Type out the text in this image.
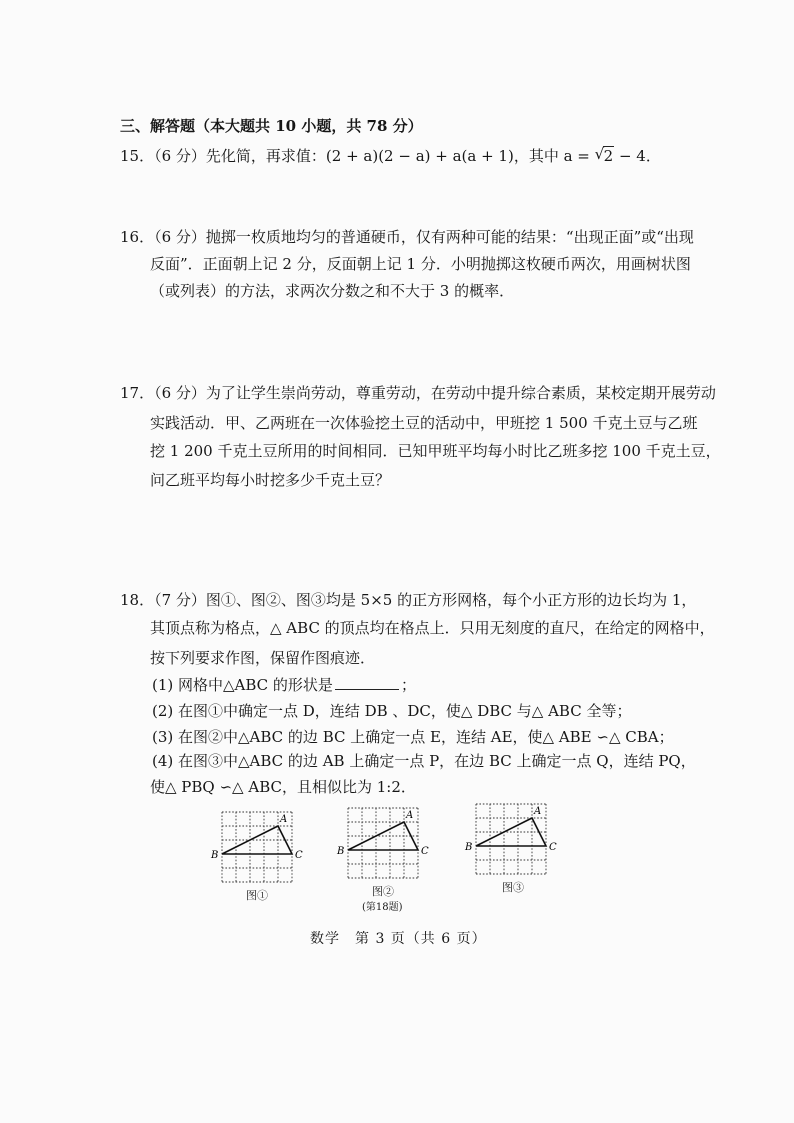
三、解答题（本大题共 10 小题，共 78 分）
15．（6 分）先化简，再求值：(2 + a)(2 − a) + a(a + 1)，其中 a = √ 2 − 4．
16．（6 分）抛掷一枚质地均匀的普通硬币，仅有两种可能的结果：“出现正面”或“出现
反面”．正面朝上记 2 分，反面朝上记 1 分．小明抛掷这枚硬币两次，用画树状图
（或列表）的方法，求两次分数之和不大于 3 的概率．
17．（6 分）为了让学生崇尚劳动，尊重劳动，在劳动中提升综合素质，某校定期开展劳动
实践活动．甲、乙两班在一次体验挖土豆的活动中，甲班挖 1 500 千克土豆与乙班
挖 1 200 千克土豆所用的时间相同．已知甲班平均每小时比乙班多挖 100 千克土豆，
问乙班平均每小时挖多少千克土豆？
18．（7 分）图①、图②、图③均是 5×5 的正方形网格，每个小正方形的边长均为 1，
其顶点称为格点，△ ABC 的顶点均在格点上．只用无刻度的直尺，在给定的网格中，
按下列要求作图，保留作图痕迹．
(1) 网格中△ABC 的形状是	；
(2) 在图①中确定一点 D，连结 DB 、DC，使△ DBC 与△ ABC 全等；
(3) 在图②中△ABC 的边 BC 上确定一点 E，连结 AE，使△ ABE ∽△ CBA；
(4) 在图③中△ABC 的边 AB 上确定一点 P，在边 BC 上确定一点 Q，连结 PQ，
使△ PBQ ∽△ ABC，且相似比为 1:2．
A
B	C
A
B	C
A
B	C
图①	图②	图③
(第18题)
数学　第 3 页（共 6 页）
